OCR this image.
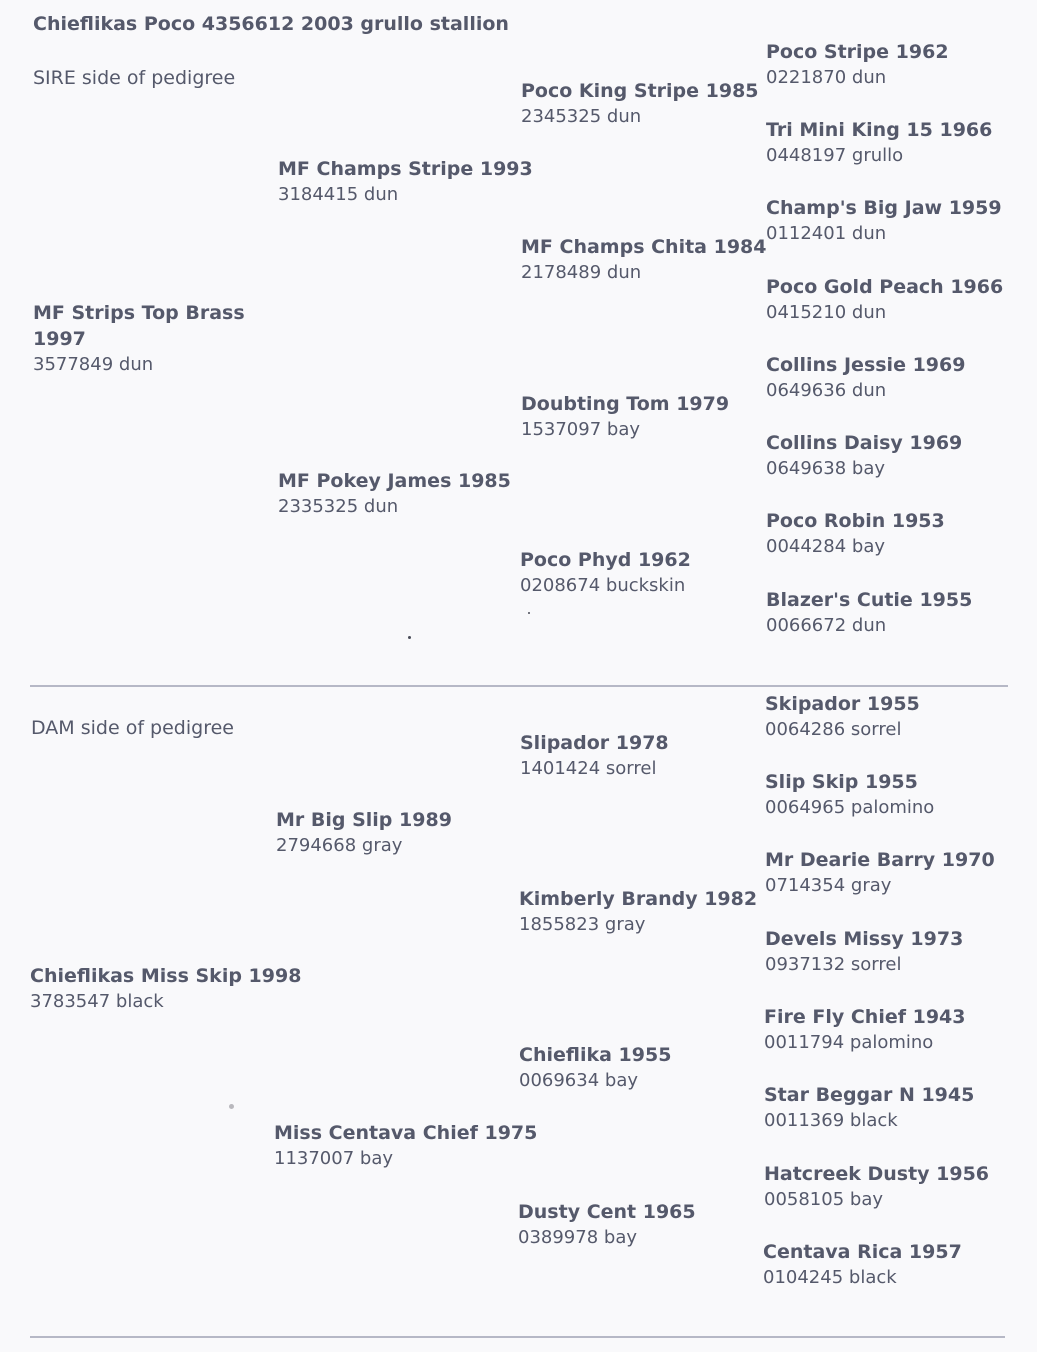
Chieflikas Poco 4356612 2003 grullo stallion
SIRE side of pedigree
MF Strips Top Brass
1997
3577849 dun
MF Champs Stripe 1993
3184415 dun
MF Pokey James 1985
2335325 dun
Poco King Stripe 1985
2345325 dun
MF Champs Chita 1984
2178489 dun
Doubting Tom 1979
1537097 bay
Poco Phyd 1962
0208674 buckskin
Poco Stripe 1962
0221870 dun
Tri Mini King 15 1966
0448197 grullo
Champ's Big Jaw 1959
0112401 dun
Poco Gold Peach 1966
0415210 dun
Collins Jessie 1969
0649636 dun
Collins Daisy 1969
0649638 bay
Poco Robin 1953
0044284 bay
Blazer's Cutie 1955
0066672 dun
DAM side of pedigree
Chieflikas Miss Skip 1998
3783547 black
Mr Big Slip 1989
2794668 gray
Miss Centava Chief 1975
1137007 bay
Slipador 1978
1401424 sorrel
Kimberly Brandy 1982
1855823 gray
Chieflika 1955
0069634 bay
Dusty Cent 1965
0389978 bay
Skipador 1955
0064286 sorrel
Slip Skip 1955
0064965 palomino
Mr Dearie Barry 1970
0714354 gray
Devels Missy 1973
0937132 sorrel
Fire Fly Chief 1943
0011794 palomino
Star Beggar N 1945
0011369 black
Hatcreek Dusty 1956
0058105 bay
Centava Rica 1957
0104245 black
